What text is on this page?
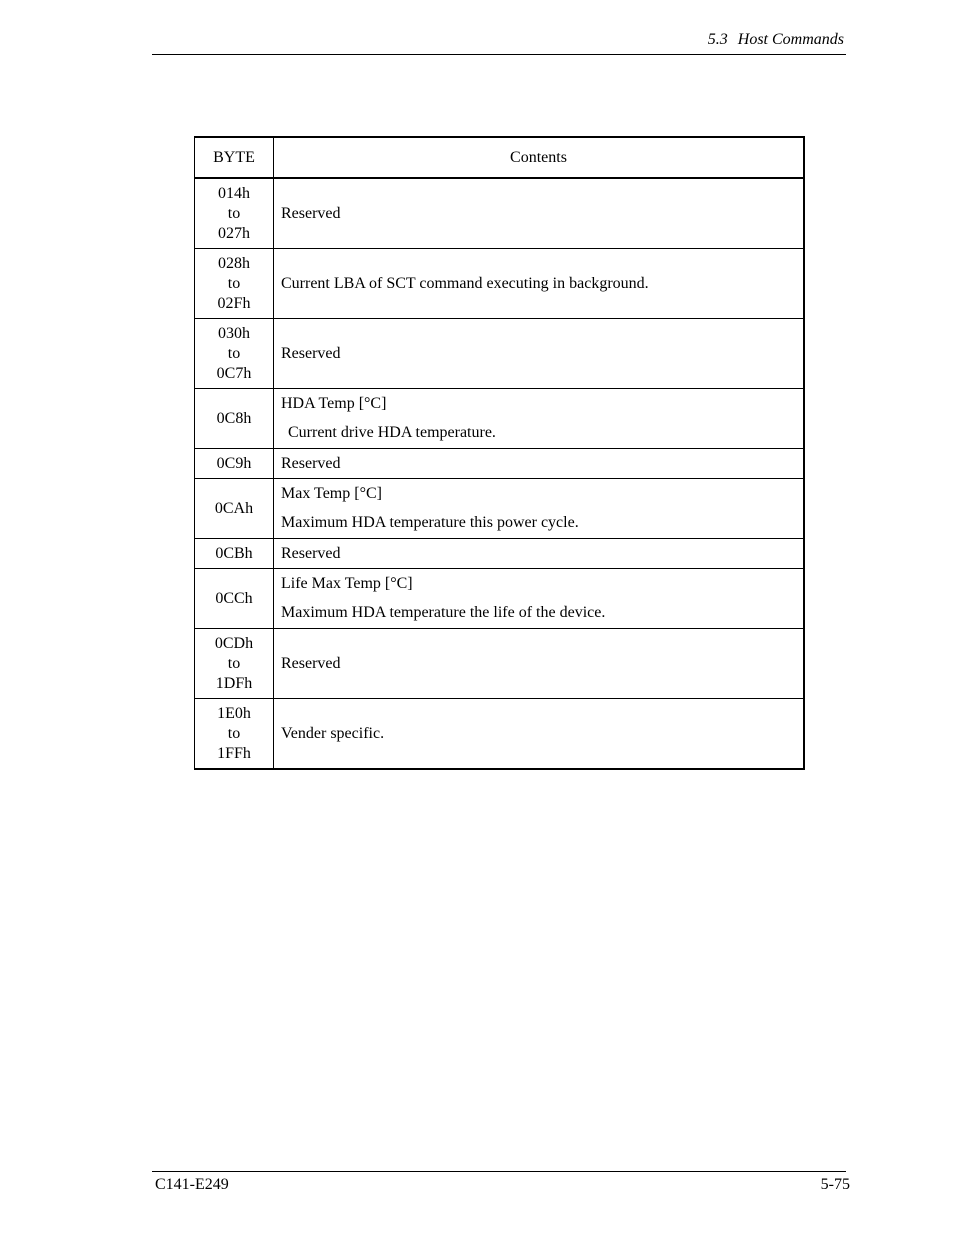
5.3 Host Commands
BYTE	Contents

014h
to
027h	Reserved

028h
to
02Fh	Current LBA of SCT command executing in background.

030h
to
0C7h	Reserved
0C8h	HDA Temp [°C]
Current drive HDA temperature.

0C9h	Reserved
0CAh	Max Temp [°C]
Maximum HDA temperature this power cycle.

0CBh	Reserved
0CCh	Life Max Temp [°C]
Maximum HDA temperature the life of the device.

0CDh
to
1DFh	Reserved

1E0h
to
1FFh	Vender specific.
C141-E249	5-75
